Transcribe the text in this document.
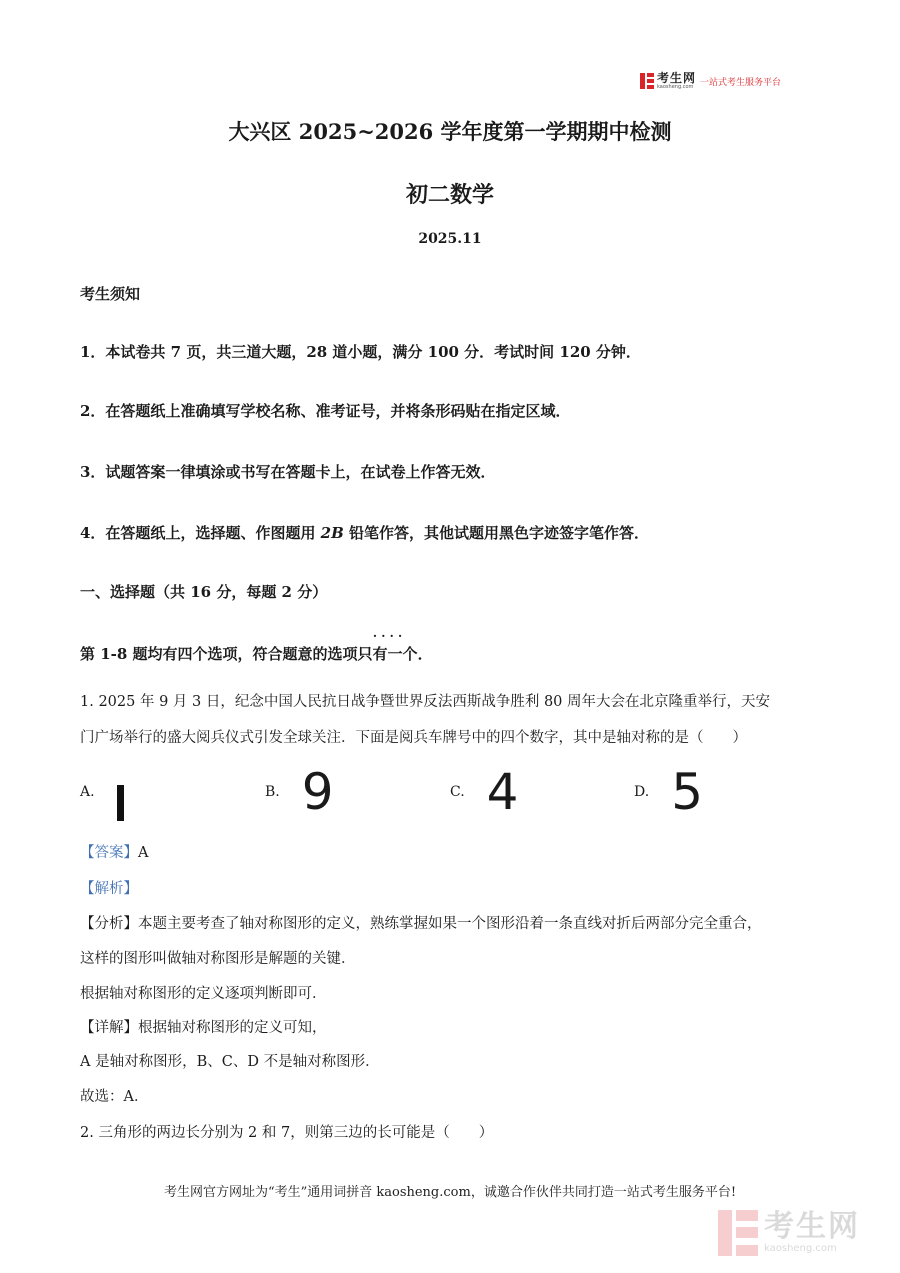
考生网
kaosheng.com 一站式考生服务平台
大兴区 2025~2026 学年度第一学期期中检测
初二数学
2025.11
考生须知
1．本试卷共 7 页，共三道大题，28 道小题，满分 100 分．考试时间 120 分钟．
2．在答题纸上准确填写学校名称、准考证号，并将条形码贴在指定区域．
3．试题答案一律填涂或书写在答题卡上，在试卷上作答无效．
4．在答题纸上，选择题、作图题用 2B 铅笔作答，其他试题用黑色字迹签字笔作答．
一、选择题（共 16 分，每题 2 分）
第 1-8 题均有四个选项，符合题意的选项· · · · 只有一个．
1. 2025 年 9 月 3 日，纪念中国人民抗日战争暨世界反法西斯战争胜利 80 周年大会在北京隆重举行，天安
门广场举行的盛大阅兵仪式引发全球关注．下面是阅兵车牌号中的四个数字，其中是轴对称的是（　　）
A.	B. 9	C. 4	D. 5
【答案】A
【解析】
【分析】本题主要考查了轴对称图形的定义，熟练掌握如果一个图形沿着一条直线对折后两部分完全重合，
这样的图形叫做轴对称图形是解题的关键．
根据轴对称图形的定义逐项判断即可．
【详解】根据轴对称图形的定义可知，
A 是轴对称图形，B、C、D 不是轴对称图形．
故选：A．
2. 三角形的两边长分别为 2 和 7，则第三边的长可能是（　　）
考生网官方网址为“考生”通用词拼音 kaosheng.com，诚邀合作伙伴共同打造一站式考生服务平台!
考生网
kaosheng.com
